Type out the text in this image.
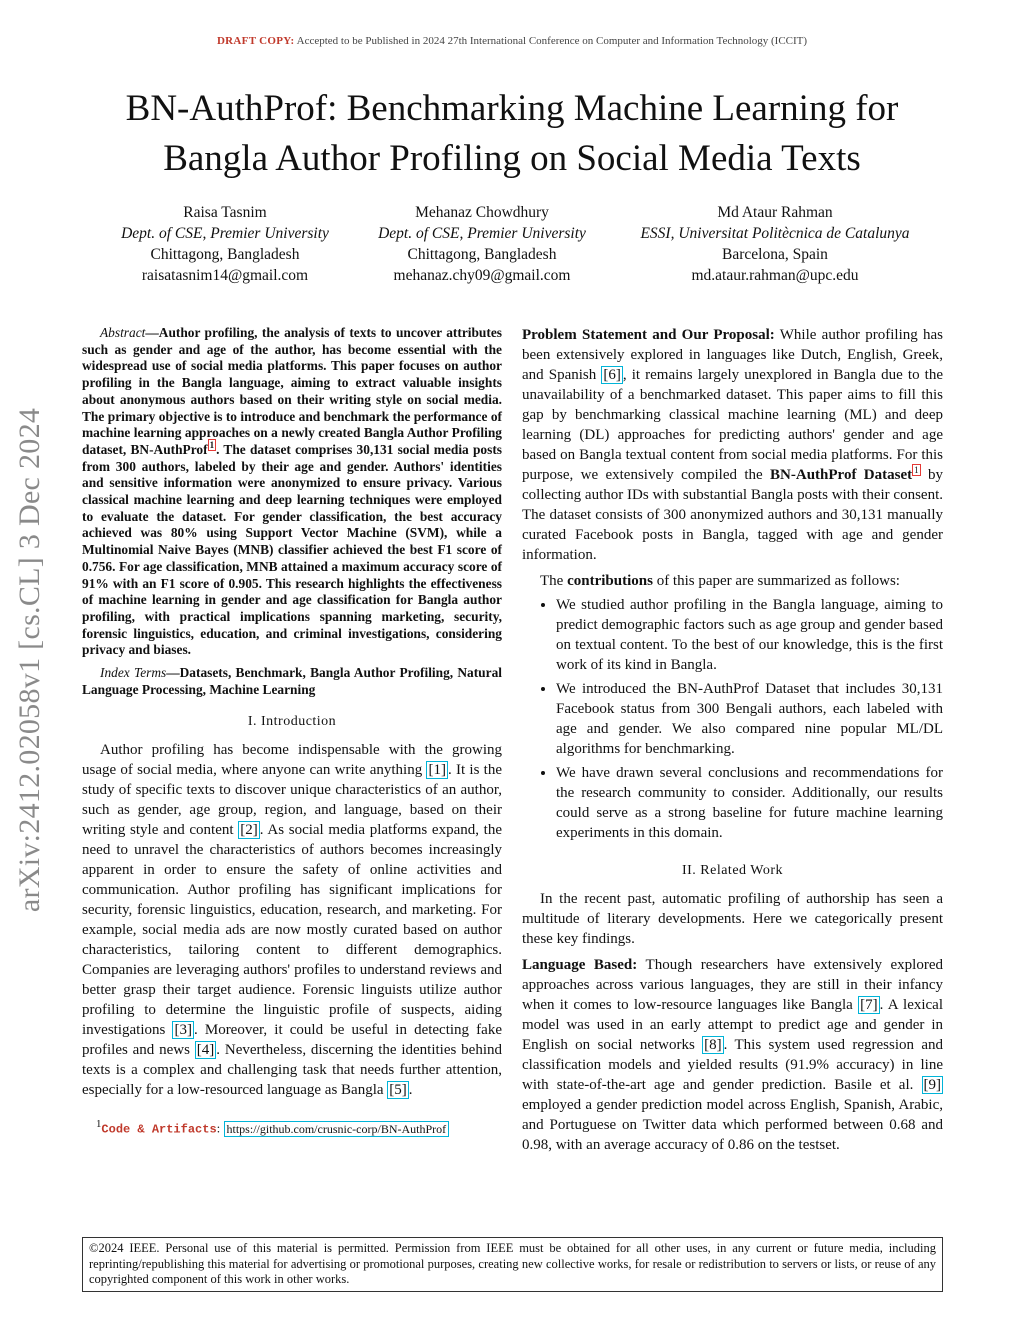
DRAFT COPY: Accepted to be Published in 2024 27th International Conference on Computer and Information Technology (ICCIT)
BN-AuthProf: Benchmarking Machine Learning for
Bangla Author Profiling on Social Media Texts
Raisa Tasnim
Dept. of CSE, Premier University
Chittagong, Bangladesh
raisatasnim14@gmail.com
Mehanaz Chowdhury
Dept. of CSE, Premier University
Chittagong, Bangladesh
mehanaz.chy09@gmail.com
Md Ataur Rahman
ESSI, Universitat Politècnica de Catalunya
Barcelona, Spain
md.ataur.rahman@upc.edu
arXiv:2412.02058v1 [cs.CL] 3 Dec 2024

Abstract—Author profiling, the analysis of texts to uncover attributes such as gender and age of the author, has become essential with the widespread use of social media platforms. This paper focuses on author profiling in the Bangla language, aiming to extract valuable insights about anonymous authors based on their writing style on social media. The primary objective is to introduce and benchmark the performance of machine learning approaches on a newly created Bangla Author Profiling dataset, BN-AuthProf $^1$ . The dataset comprises 30,131 social media posts from 300 authors, labeled by their age and gender. Authors' identities and sensitive information were anonymized to ensure privacy. Various classical machine learning and deep learning techniques were employed to evaluate the dataset. For gender classification, the best accuracy achieved was 80% using Support Vector Machine (SVM), while a Multinomial Naive Bayes (MNB) classifier achieved the best F1 score of 0.756. For age classification, MNB attained a maximum accuracy score of 91% with an F1 score of 0.905. This research highlights the effectiveness of machine learning in gender and age classification for Bangla author profiling, with practical implications spanning marketing, security, forensic linguistics, education, and criminal investigations, considering privacy and biases.

Index Terms—Datasets, Benchmark, Bangla Author Profiling, Natural Language Processing, Machine Learning

I. Introduction

Author profiling has become indispensable with the growing usage of social media, where anyone can write anything [1] . It is the study of specific texts to discover unique characteristics of an author, such as gender, age group, region, and language, based on their writing style and content [2] . As social media platforms expand, the need to unravel the characteristics of authors becomes increasingly apparent in order to ensure the safety of online activities and communication. Author profiling has significant implications for security, forensic linguistics, education, research, and marketing. For example, social media ads are now mostly curated based on author characteristics, tailoring content to different demographics. Companies are leveraging authors' profiles to understand reviews and better grasp their target audience. Forensic linguists utilize author profiling to determine the linguistic profile of suspects, aiding investigations [3] . Moreover, it could be useful in detecting fake profiles and news [4] . Nevertheless, discerning the identities behind texts is a complex and challenging task that needs further attention, especially for a low-resourced language as Bangla [5] .

$^1$Code & Artifacts: https://github.com/crusnic-corp/BN-AuthProf

Problem Statement and Our Proposal: While author profiling has been extensively explored in languages like Dutch, English, Greek, and Spanish [6] , it remains largely unexplored in Bangla due to the unavailability of a benchmarked dataset. This paper aims to fill this gap by benchmarking classical machine learning (ML) and deep learning (DL) approaches for predicting authors' gender and age based on Bangla textual content from social media platforms. For this purpose, we extensively compiled the BN-AuthProf Dataset $^1$ by collecting author IDs with substantial Bangla posts with their consent. The dataset consists of 300 anonymized authors and 30,131 manually curated Facebook posts in Bangla, tagged with age and gender information.

The contributions of this paper are summarized as follows:

• We studied author profiling in the Bangla language, aiming to predict demographic factors such as age group and gender based on textual content. To the best of our knowledge, this is the first work of its kind in Bangla.
• We introduced the BN-AuthProf Dataset that includes 30,131 Facebook status from 300 Bengali authors, each labeled with age and gender. We also compared nine popular ML/DL algorithms for benchmarking.
• We have drawn several conclusions and recommendations for the research community to consider. Additionally, our results could serve as a strong baseline for future machine learning experiments in this domain.
II. Related Work

In the recent past, automatic profiling of authorship has seen a multitude of literary developments. Here we categorically present these key findings.

Language Based: Though researchers have extensively explored approaches across various languages, they are still in their infancy when it comes to low-resource languages like Bangla [7] . A lexical model was used in an early attempt to predict age and gender in English on social networks [8] . This system used regression and classification models and yielded results (91.9% accuracy) in line with state-of-the-art age and gender prediction. Basile et al. [9] employed a gender prediction model across English, Spanish, Arabic, and Portuguese on Twitter data which performed between 0.68 and 0.98, with an average accuracy of 0.86 on the testset.

©2024 IEEE. Personal use of this material is permitted. Permission from IEEE must be obtained for all other uses, in any current or future media, including reprinting/republishing this material for advertising or promotional purposes, creating new collective works, for resale or redistribution to servers or lists, or reuse of any copyrighted component of this work in other works.
